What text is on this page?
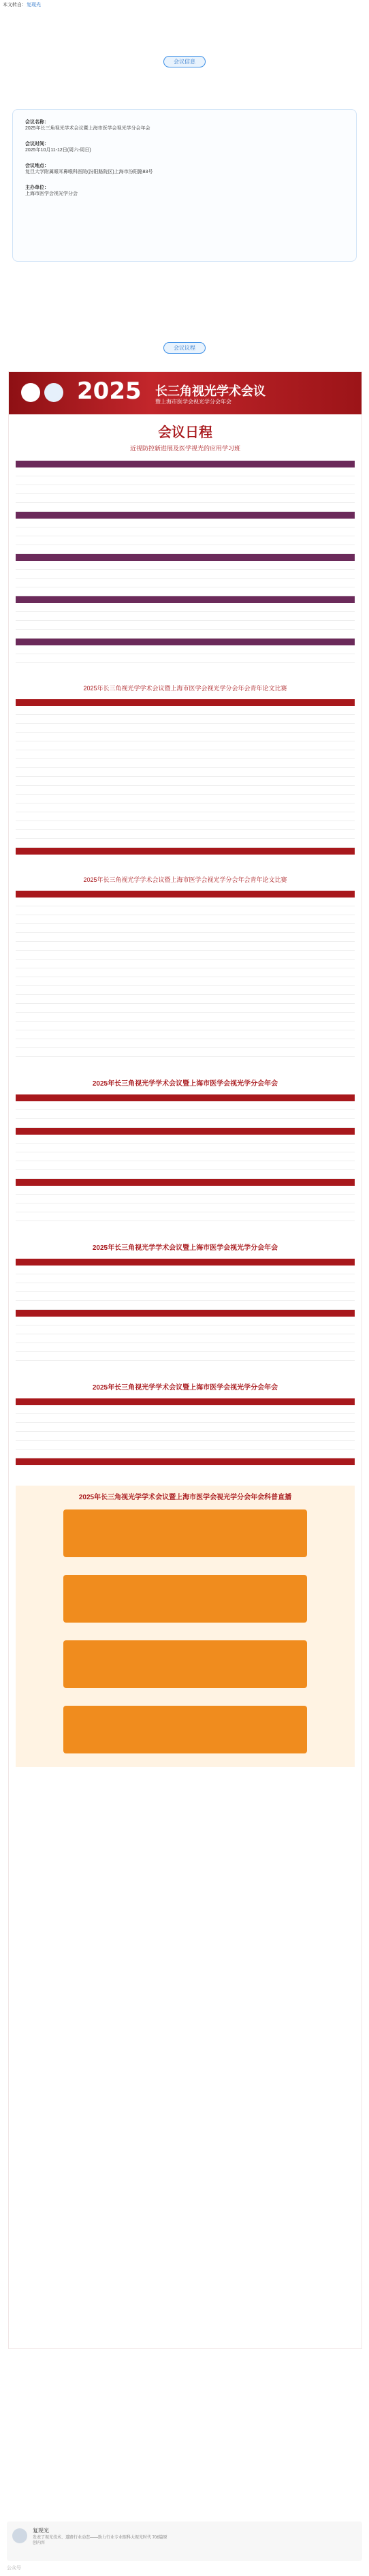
本文转自：复现光
会议信息
会议名称：
2025年长三角视光学术会议暨上海市医学会视光学分会年会
会议时间：
2025年10月11-12日(周六-周日)
会议地点：
复旦大学附属眼耳鼻喉科医院(汾阳路院区)上海市汾阳路83号
主办单位：
上海市医学会视光学分会
会议议程
2025 长三角视光学术会议
暨上海市医学会视光学分会年会
会议日程
近视防控新进展及医学视光的应用学习班
2025年长三角视光学学术会议暨上海市医学会视光学分会年会青年论文比赛
2025年长三角视光学学术会议暨上海市医学会视光学分会年会青年论文比赛
2025年长三角视光学学术会议暨上海市医学会视光学分会年会
2025年长三角视光学学术会议暨上海市医学会视光学分会年会
2025年长三角视光学学术会议暨上海市医学会视光学分会年会
2025年长三角视光学学术会议暨上海市医学会视光学分会年会科普直播
复现光
发表了视光技术、道路行业动态——助力行业专业眼科大视光时代 706篇原创内容
公众号
